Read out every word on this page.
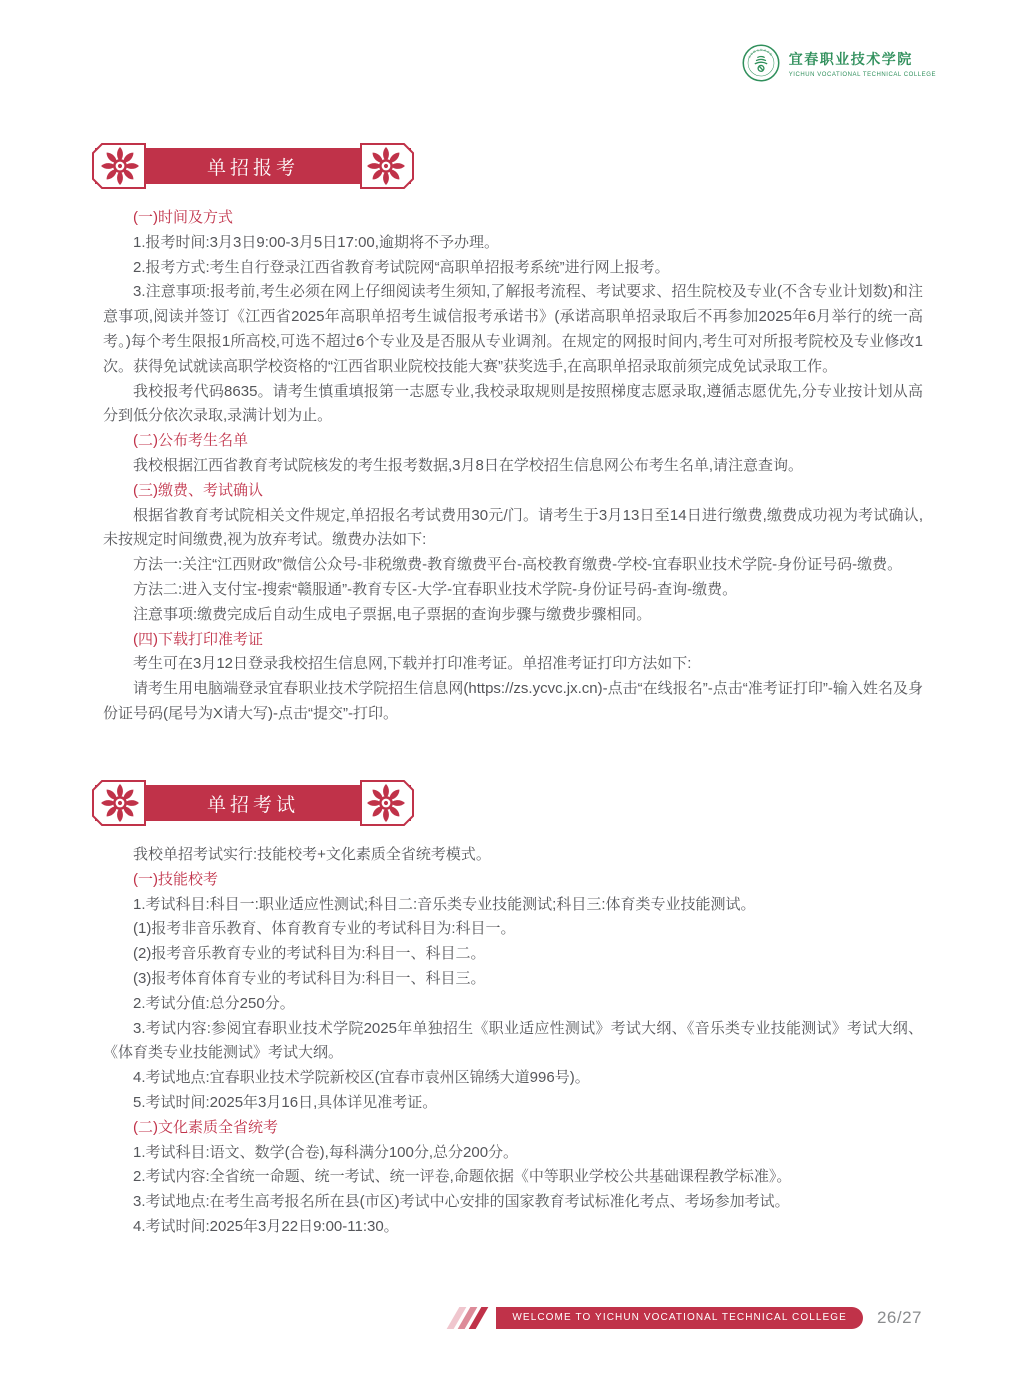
宜春职业技术学院 宜春职业技术学院
YICHUN VOCATIONAL TECHNICAL COLLEGE
单招报考

(一)时间及方式

1.报考时间:3月3日9:00-3月5日17:00,逾期将不予办理。

2.报考方式:考生自行登录江西省教育考试院网“高职单招报考系统”进行网上报考。

3.注意事项:报考前,考生必须在网上仔细阅读考生须知,了解报考流程、考试要求、招生院校及专业(不含专业计划数)和注意事项,阅读并签订《江西省2025年高职单招考生诚信报考承诺书》(承诺高职单招录取后不再参加2025年6月举行的统一高考。)每个考生限报1所高校,可选不超过6个专业及是否服从专业调剂。在规定的网报时间内,考生可对所报考院校及专业修改1次。获得免试就读高职学校资格的“江西省职业院校技能大赛”获奖选手,在高职单招录取前须完成免试录取工作。

我校报考代码8635。请考生慎重填报第一志愿专业,我校录取规则是按照梯度志愿录取,遵循志愿优先,分专业按计划从高分到低分依次录取,录满计划为止。

(二)公布考生名单

我校根据江西省教育考试院核发的考生报考数据,3月8日在学校招生信息网公布考生名单,请注意查询。

(三)缴费、考试确认

根据省教育考试院相关文件规定,单招报名考试费用30元/门。请考生于3月13日至14日进行缴费,缴费成功视为考试确认,未按规定时间缴费,视为放弃考试。缴费办法如下:

方法一:关注“江西财政”微信公众号-非税缴费-教育缴费平台-高校教育缴费-学校-宜春职业技术学院-身份证号码-缴费。

方法二:进入支付宝-搜索“赣服通”-教育专区-大学-宜春职业技术学院-身份证号码-查询-缴费。

注意事项:缴费完成后自动生成电子票据,电子票据的查询步骤与缴费步骤相同。

(四)下载打印准考证

考生可在3月12日登录我校招生信息网,下载并打印准考证。单招准考证打印方法如下:

请考生用电脑端登录宜春职业技术学院招生信息网(https://zs.ycvc.jx.cn)-点击“在线报名”-点击“准考证打印”-输入姓名及身份证号码(尾号为X请大写)-点击“提交”-打印。

单招考试

我校单招考试实行:技能校考+文化素质全省统考模式。

(一)技能校考

1.考试科目:科目一:职业适应性测试;科目二:音乐类专业技能测试;科目三:体育类专业技能测试。

(1)报考非音乐教育、体育教育专业的考试科目为:科目一。

(2)报考音乐教育专业的考试科目为:科目一、科目二。

(3)报考体育体育专业的考试科目为:科目一、科目三。

2.考试分值:总分250分。

3.考试内容:参阅宜春职业技术学院2025年单独招生《职业适应性测试》考试大纲、《音乐类专业技能测试》考试大纲、《体育类专业技能测试》考试大纲。

4.考试地点:宜春职业技术学院新校区(宜春市袁州区锦绣大道996号)。

5.考试时间:2025年3月16日,具体详见准考证。

(二)文化素质全省统考

1.考试科目:语文、数学(合卷),每科满分100分,总分200分。

2.考试内容:全省统一命题、统一考试、统一评卷,命题依据《中等职业学校公共基础课程教学标准》。

3.考试地点:在考生高考报名所在县(市区)考试中心安排的国家教育考试标准化考点、考场参加考试。

4.考试时间:2025年3月22日9:00-11:30。

WELCOME TO YICHUN VOCATIONAL TECHNICAL COLLEGE	26/27
